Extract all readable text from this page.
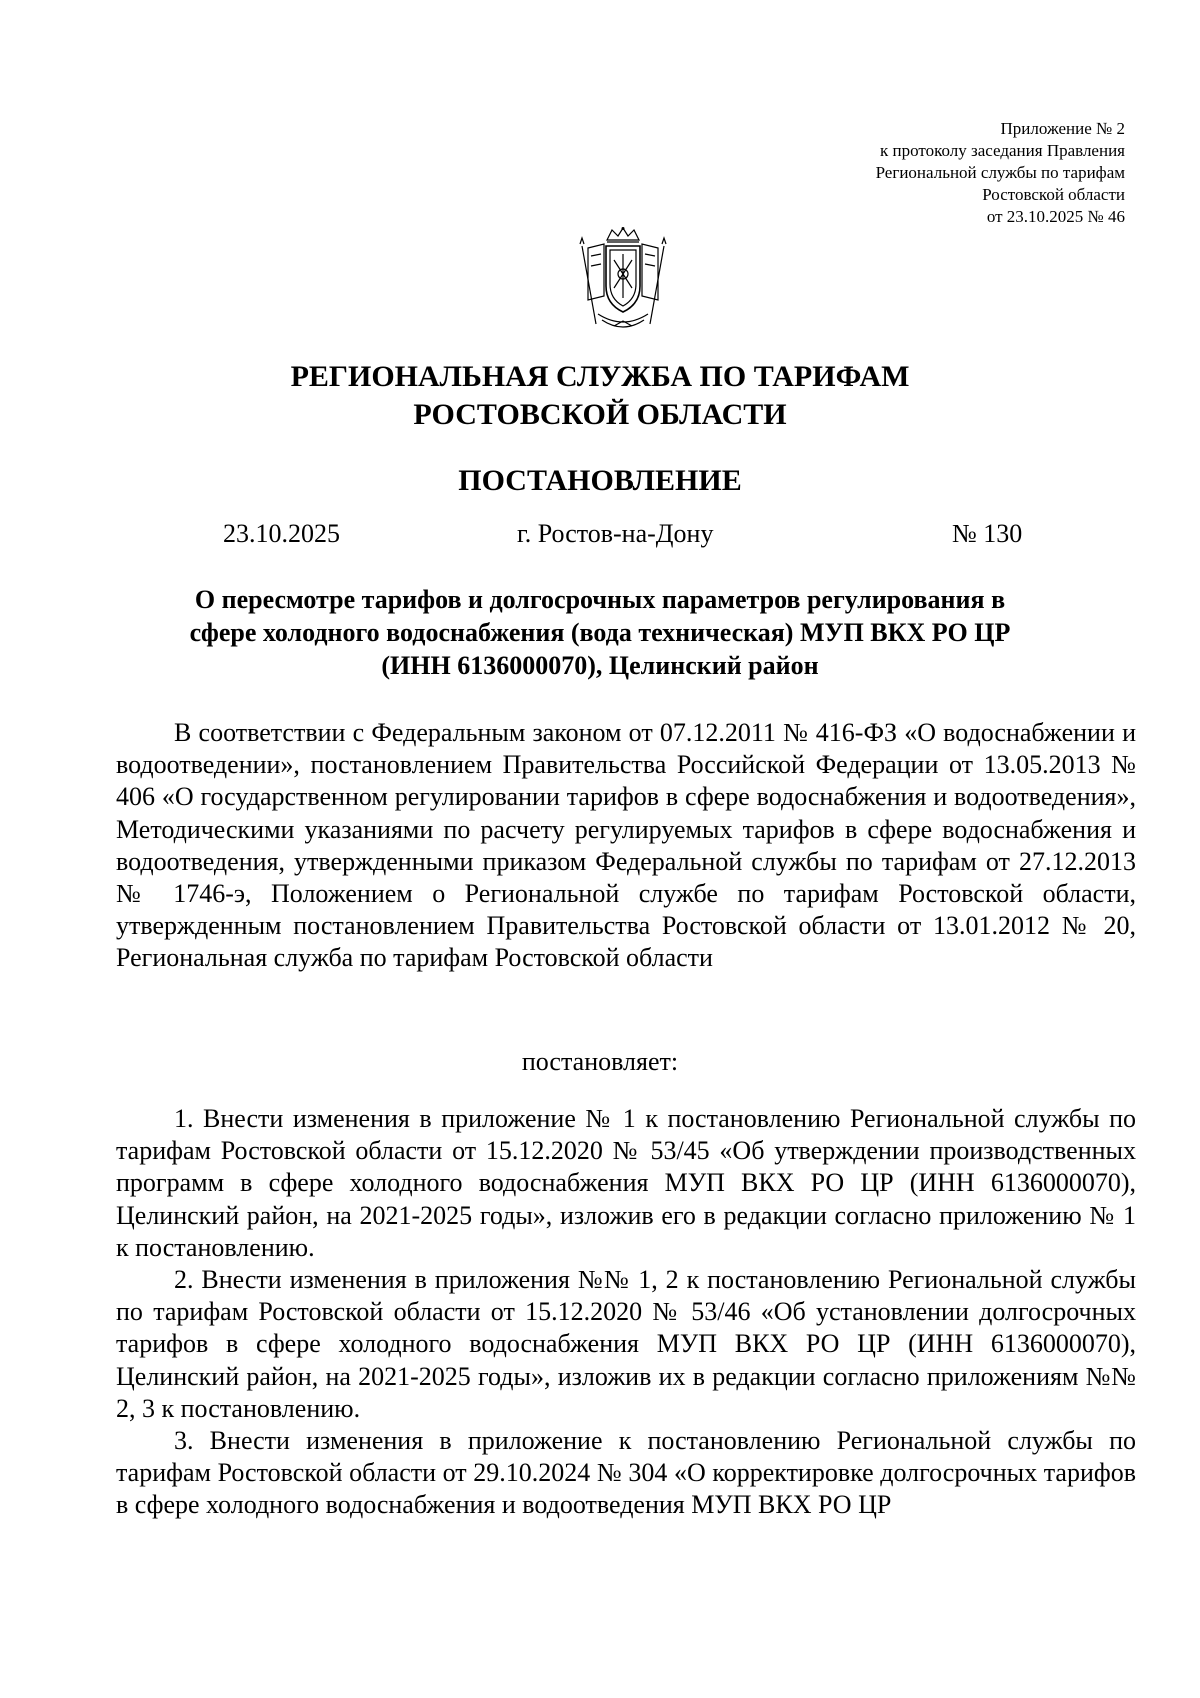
Приложение № 2
к протоколу заседания Правления
Региональной службы по тарифам
Ростовской области
от 23.10.2025 № 46
РЕГИОНАЛЬНАЯ СЛУЖБА ПО ТАРИФАМ
РОСТОВСКОЙ ОБЛАСТИ
ПОСТАНОВЛЕНИЕ
23.10.2025	г. Ростов-на-Дону	№ 130
О пересмотре тарифов и долгосрочных параметров регулирования в сфере холодного водоснабжения (вода техническая) МУП ВКХ РО ЦР (ИНН 6136000070), Целинский район
В соответствии с Федеральным законом от 07.12.2011 № 416-ФЗ «О водоснабжении и водоотведении», постановлением Правительства Российской Федерации от 13.05.2013 № 406 «О государственном регулировании тарифов в сфере водоснабжения и водоотведения», Методическими указаниями по расчету регулируемых тарифов в сфере водоснабжения и водоотведения, утвержденными приказом Федеральной службы по тарифам от 27.12.2013 № 1746-э, Положением о Региональной службе по тарифам Ростовской области, утвержденным постановлением Правительства Ростовской области от 13.01.2012 № 20, Региональная служба по тарифам Ростовской области
постановляет:

1. Внести изменения в приложение № 1 к постановлению Региональной службы по тарифам Ростовской области от 15.12.2020 № 53/45 «Об утверждении производственных программ в сфере холодного водоснабжения МУП ВКХ РО ЦР (ИНН 6136000070), Целинский район, на 2021-2025 годы», изложив его в редакции согласно приложению № 1 к постановлению.

2. Внести изменения в приложения №№ 1, 2 к постановлению Региональной службы по тарифам Ростовской области от 15.12.2020 № 53/46 «Об установлении долгосрочных тарифов в сфере холодного водоснабжения МУП ВКХ РО ЦР (ИНН 6136000070), Целинский район, на 2021-2025 годы», изложив их в редакции согласно приложениям №№ 2, 3 к постановлению.

3. Внести изменения в приложение к постановлению Региональной службы по тарифам Ростовской области от 29.10.2024 № 304 «О корректировке долгосрочных тарифов в сфере холодного водоснабжения и водоотведения МУП ВКХ РО ЦР
